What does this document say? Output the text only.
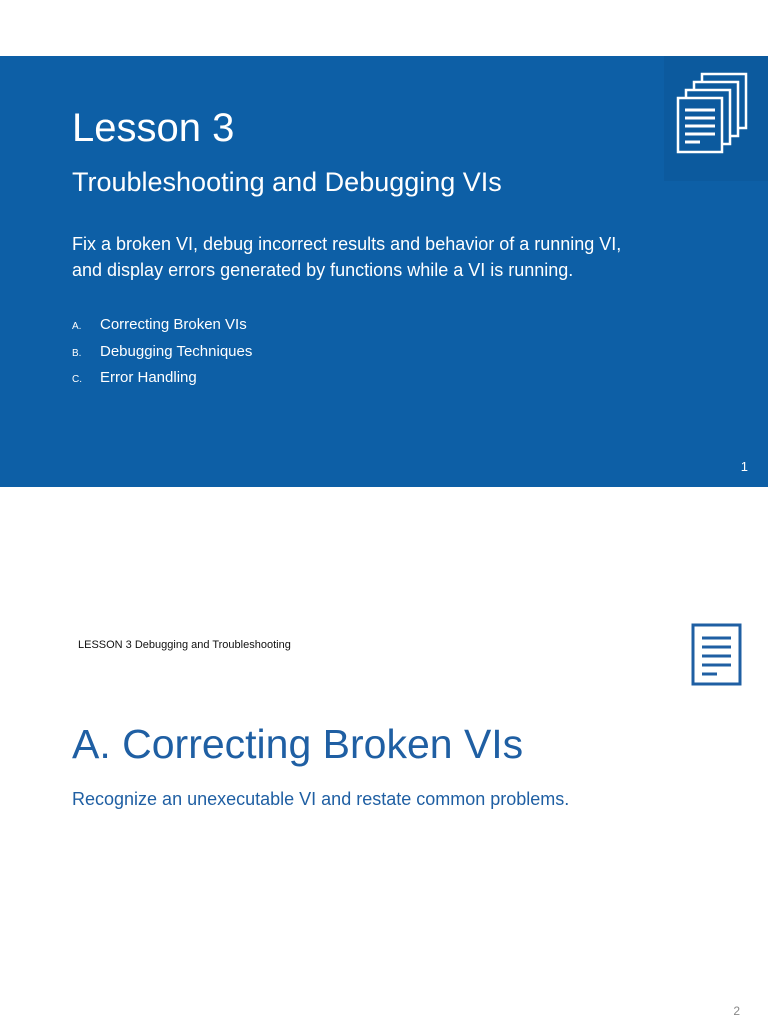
Lesson 3
Troubleshooting and Debugging VIs

Fix a broken VI, debug incorrect results and behavior of a running VI, and display errors generated by functions while a VI is running.

A.	Correcting Broken VIs
B.	Debugging Techniques
C.	Error Handling
1
LESSON 3 Debugging and Troubleshooting
A. Correcting Broken VIs

Recognize an unexecutable VI and restate common problems.

2
